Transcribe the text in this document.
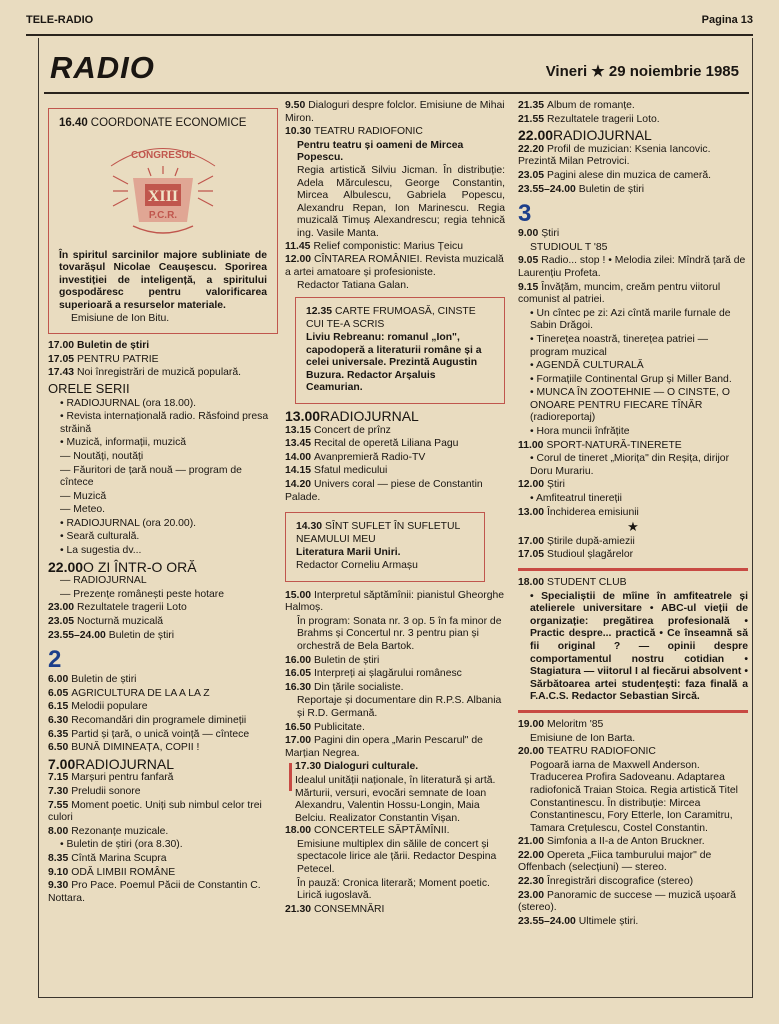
TELE-RADIO	Pagina 13
RADIO	Vineri ★ 29 noiembrie 1985
16.40 COORDONATE ECONOMICE
CONGRESUL
XIII
P.C.R.
În spiritul sarcinilor majore subliniate de tovarășul Nicolae Ceaușescu. Sporirea investiției de inteligență, a spiritului gospodăresc pentru valorificarea superioară a resurselor materiale.
Emisiune de Ion Bitu.
17.00 Buletin de știri
17.05 PENTRU PATRIE
17.43 Noi înregistrări de muzică populară.
ORELE SERII
• RADIOJURNAL (ora 18.00).
• Revista internațională radio. Răsfoind presa străină
• Muzică, informații, muzică
— Noutăți, noutăți
— Făuritori de țară nouă — program de cîntece
— Muzică
— Meteo.
• RADIOJURNAL (ora 20.00).
• Seară culturală.
• La sugestia dv...
22.00O ZI ÎNTR-O ORĂ
— RADIOJURNAL
— Prezențe românești peste hotare
23.00 Rezultatele tragerii Loto
23.05 Nocturnă muzicală
23.55–24.00 Buletin de știri
2
6.00 Buletin de știri
6.05 AGRICULTURA DE LA A LA Z
6.15 Melodii populare
6.30 Recomandări din programele dimineții
6.35 Partid și țară, o unică voință — cîntece
6.50 BUNĂ DIMINEAȚA, COPII !
7.00RADIOJURNAL
7.15 Marșuri pentru fanfară
7.30 Preludii sonore
7.55 Moment poetic. Uniți sub nimbul celor trei culori
8.00 Rezonanțe muzicale.
• Buletin de știri (ora 8.30).
8.35 Cîntă Marina Scupra
9.10 ODĂ LIMBII ROMÂNE
9.30 Pro Pace. Poemul Păcii de Constantin C. Nottara.
9.50 Dialoguri despre folclor. Emisiune de Mihai Miron.
10.30 TEATRU RADIOFONIC
Pentru teatru și oameni de Mircea Popescu.
Regia artistică Silviu Jicman. În distribuție: Adela Mărculescu, George Constantin, Mircea Albulescu, Gabriela Popescu, Alexandru Repan, Ion Marinescu. Regia muzicală Timuș Alexandrescu; regia tehnică ing. Vasile Manta.
11.45 Relief componistic: Marius Țeicu
12.00 CÎNTAREA ROMÂNIEI. Revista muzicală a artei amatoare și profesioniste.
Redactor Tatiana Galan.
12.35 CARTE FRUMOASĂ, CINSTE CUI TE-A SCRIS
Liviu Rebreanu: romanul „Ion", capodoperă a literaturii române și a celei universale. Prezintă Augustin Buzura. Redactor Arșaluis Ceamurian.
13.00RADIOJURNAL
13.15 Concert de prînz
13.45 Recital de operetă Liliana Pagu
14.00 Avanpremieră Radio-TV
14.15 Sfatul medicului
14.20 Univers coral — piese de Constantin Palade.
14.30 SÎNT SUFLET ÎN SUFLETUL NEAMULUI MEU
Literatura Marii Uniri.
Redactor Corneliu Armașu
15.00 Interpretul săptămînii: pianistul Gheorghe Halmoș.
În program: Sonata nr. 3 op. 5 în fa minor de Brahms și Concertul nr. 3 pentru pian și orchestră de Bela Bartok.
16.00 Buletin de știri
16.05 Interpreți ai șlagărului românesc
16.30 Din țările socialiste.
Reportaje și documentare din R.P.S. Albania și R.D. Germană.
16.50 Publicitate.
17.00 Pagini din opera „Marin Pescarul" de Marțian Negrea.
17.30 Dialoguri culturale.
Idealul unității naționale, în literatură și artă. Mărturii, versuri, evocări semnate de Ioan Alexandru, Valentin Hossu-Longin, Maia Belciu. Realizator Constantin Vișan.
18.00 CONCERTELE SĂPTĂMÎNII.
Emisiune multiplex din sălile de concert și spectacole lirice ale țării. Redactor Despina Petecel.
În pauză: Cronica literară; Moment poetic. Lirică iugoslavă.
21.30 CONSEMNĂRI
21.35 Album de romanțe.
21.55 Rezultatele tragerii Loto.
22.00RADIOJURNAL
22.20 Profil de muzician: Ksenia Iancovic. Prezintă Milan Petrovici.
23.05 Pagini alese din muzica de cameră.
23.55–24.00 Buletin de știri
3
9.00 Știri
STUDIOUL T '85
9.05 Radio... stop ! • Melodia zilei: Mîndră țară de Laurențiu Profeta.
9.15 Învățăm, muncim, creăm pentru viitorul comunist al patriei.
• Un cîntec pe zi: Azi cîntă marile furnale de Sabin Drăgoi.
• Tinerețea noastră, tinerețea patriei — program muzical
• AGENDĂ CULTURALĂ
• Formațiile Continental Grup și Miller Band.
• MUNCA ÎN ZOOTEHNIE — O CINSTE, O ONOARE PENTRU FIECARE TÎNĂR (radioreportaj)
• Hora muncii înfrățite
11.00 SPORT-NATURĂ-TINERETE
• Corul de tineret „Miorița" din Reșița, dirijor Doru Murariu.
12.00 Știri
• Amfiteatrul tinereții
13.00 Închiderea emisiunii
★
17.00 Știrile după-amiezii
17.05 Studioul șlagărelor
18.00 STUDENT CLUB
• Specialiștii de mîine în amfiteatrele și atelierele universitare • ABC-ul vieții de organizație: pregătirea profesională • Practic despre... practică • Ce înseamnă să fii original ? — opinii despre comportamentul nostru cotidian • Stagiatura — viitorul I al fiecărui absolvent • Sărbătoarea artei studențești: faza finală a F.A.C.S. Redactor Sebastian Sircă.
19.00 Meloritm '85
Emisiune de Ion Barta.
20.00 TEATRU RADIOFONIC
Pogoară iarna de Maxwell Anderson. Traducerea Profira Sadoveanu. Adaptarea radiofonică Traian Stoica. Regia artistică Titel Constantinescu. În distribuție: Mircea Constantinescu, Fory Etterle, Ion Caramitru, Tamara Crețulescu, Costel Constantin.
21.00 Simfonia a II-a de Anton Bruckner.
22.00 Opereta „Fiica tamburului major" de Offenbach (selecțiuni) — stereo.
22.30 Înregistrări discografice (stereo)
23.00 Panoramic de succese — muzică ușoară (stereo).
23.55–24.00 Ultimele știri.
